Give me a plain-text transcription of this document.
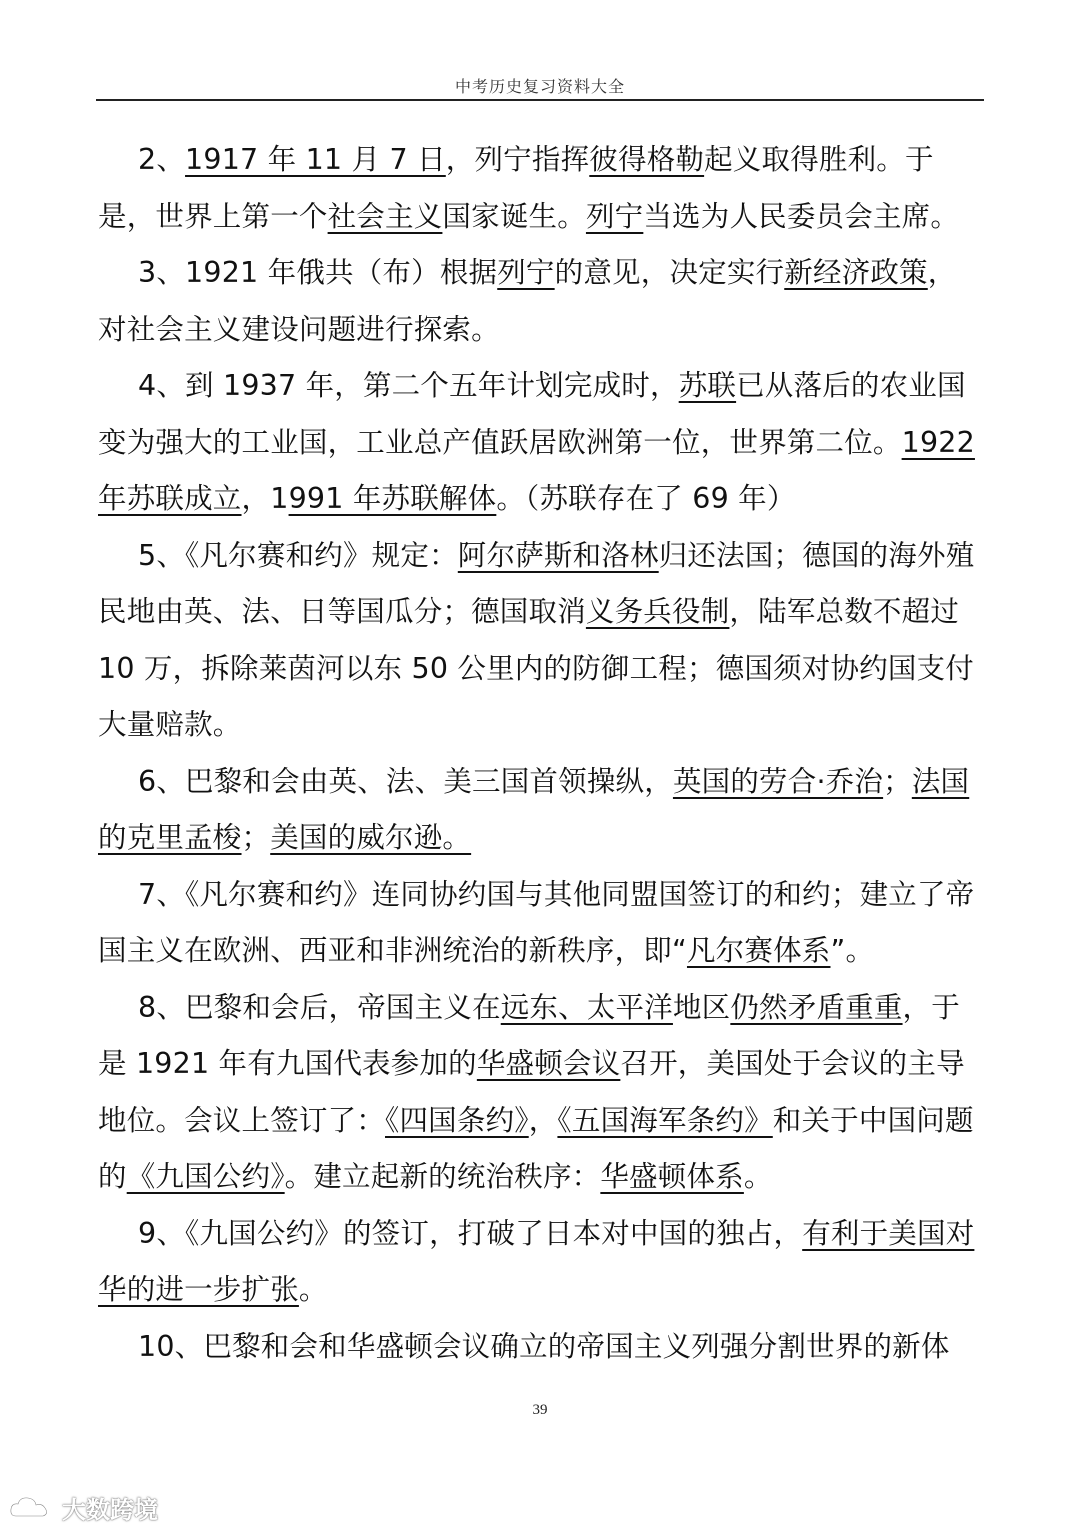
中考历史复习资料大全

2、1917 年 11 月 7 日，列宁指挥彼得格勒起义取得胜利。于是，世界上第一个社会主义国家诞生。列宁当选为人民委员会主席。

3、1921 年俄共（布）根据列宁的意见，决定实行新经济政策，对社会主义建设问题进行探索。

4、到 1937 年，第二个五年计划完成时，苏联已从落后的农业国变为强大的工业国，工业总产值跃居欧洲第一位，世界第二位。1922 年苏联成立，1991 年苏联解体。（苏联存在了 69 年）

5、《凡尔赛和约》规定：阿尔萨斯和洛林归还法国；德国的海外殖民地由英、法、日等国瓜分；德国取消义务兵役制，陆军总数不超过 10 万，拆除莱茵河以东 50 公里内的防御工程；德国须对协约国支付大量赔款。

6、巴黎和会由英、法、美三国首领操纵，英国的劳合·乔治；法国的克里孟梭；美国的威尔逊。

7、《凡尔赛和约》连同协约国与其他同盟国签订的和约；建立了帝国主义在欧洲、西亚和非洲统治的新秩序，即“凡尔赛体系”。

8、巴黎和会后，帝国主义在远东、太平洋地区仍然矛盾重重，于是 1921 年有九国代表参加的华盛顿会议召开，美国处于会议的主导地位。会议上签订了：《四国条约》，《五国海军条约》和关于中国问题的《九国公约》。建立起新的统治秩序：华盛顿体系。

9、《九国公约》的签订，打破了日本对中国的独占，有利于美国对华的进一步扩张。

10、巴黎和会和华盛顿会议确立的帝国主义列强分割世界的新体

39
大数跨境
